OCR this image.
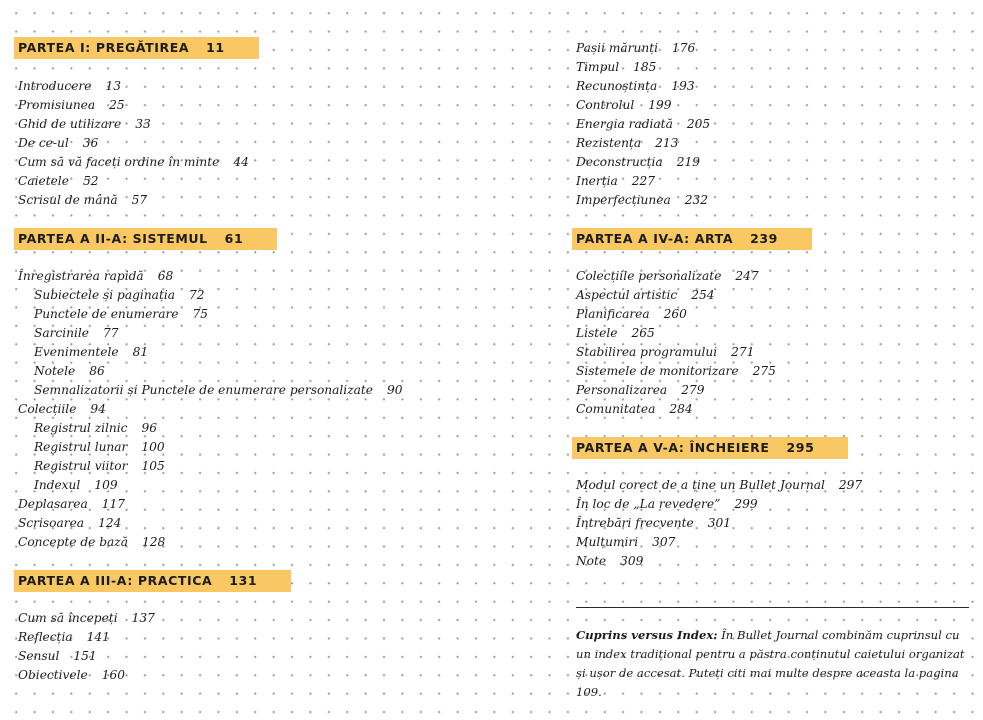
PARTEA I: PREGĂTIREA 11
Introducere 13
Promisiunea 25
Ghid de utilizare 33
De ce-ul 36
Cum să vă faceți ordine în minte 44
Caietele 52
Scrisul de mână 57
PARTEA A II-A: SISTEMUL 61
Înregistrarea rapidă 68
Subiectele și paginația 72
Punctele de enumerare 75
Sarcinile 77
Evenimentele 81
Notele 86
Semnalizatorii și Punctele de enumerare personalizate 90
Colecțiile 94
Registrul zilnic 96
Registrul lunar 100
Registrul viitor 105
Indexul 109
Deplasarea 117
Scrisoarea 124
Concepte de bază 128
PARTEA A III-A: PRACTICA 131
Cum să începeți 137
Reflecția 141
Sensul 151
Obiectivele 160
Pașii mărunți 176
Timpul 185
Recunoștința 193
Controlul 199
Energia radiată 205
Rezistența 213
Deconstrucția 219
Inerția 227
Imperfecțiunea 232
PARTEA A IV-A: ARTA 239
Colecțiile personalizate 247
Aspectul artistic 254
Planificarea 260
Listele 265
Stabilirea programului 271
Sistemele de monitorizare 275
Personalizarea 279
Comunitatea 284
PARTEA A V-A: ÎNCHEIERE 295
Modul corect de a ține un Bullet Journal 297
În loc de „La revedere” 299
Întrebări frecvente 301
Mulțumiri 307
Note 309
Cuprins versus Index: În Bullet Journal combinăm cuprinsul cu un index tradițional pentru a păstra conținutul caietului organizat și ușor de accesat. Puteți citi mai multe despre aceasta la pagina 109.
